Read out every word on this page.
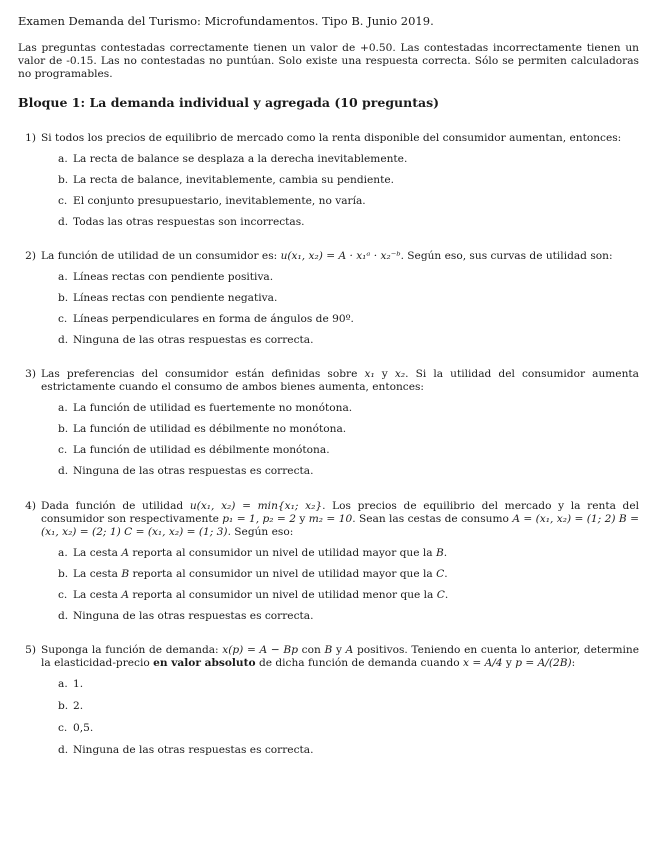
Examen Demanda del Turismo: Microfundamentos. Tipo B. Junio 2019.
Las preguntas contestadas correctamente tienen un valor de +0.50. Las contestadas incorrectamente tienen un valor de -0.15. Las no contestadas no puntúan. Solo existe una respuesta correcta. Sólo se permiten calculadoras no programables.
Bloque 1: La demanda individual y agregada (10 preguntas)
1) Si todos los precios de equilibrio de mercado como la renta disponible del consumidor aumentan, entonces:
a. La recta de balance se desplaza a la derecha inevitablemente.
b. La recta de balance, inevitablemente, cambia su pendiente.
c. El conjunto presupuestario, inevitablemente, no varía.
d. Todas las otras respuestas son incorrectas.
2) La función de utilidad de un consumidor es: u(x₁, x₂) = A · x₁ᵃ · x₂⁻ᵇ. Según eso, sus curvas de utilidad son:
a. Líneas rectas con pendiente positiva.
b. Líneas rectas con pendiente negativa.
c. Líneas perpendiculares en forma de ángulos de 90º.
d. Ninguna de las otras respuestas es correcta.
3) Las preferencias del consumidor están definidas sobre x₁ y x₂. Si la utilidad del consumidor aumenta estrictamente cuando el consumo de ambos bienes aumenta, entonces:
a. La función de utilidad es fuertemente no monótona.
b. La función de utilidad es débilmente no monótona.
c. La función de utilidad es débilmente monótona.
d. Ninguna de las otras respuestas es correcta.
4) Dada función de utilidad u(x₁, x₂) = min{x₁; x₂}. Los precios de equilibrio del mercado y la renta del consumidor son respectivamente p₁ = 1, p₂ = 2 y m₂ = 10. Sean las cestas de consumo A = (x₁, x₂) = (1; 2) B = (x₁, x₂) = (2; 1) C = (x₁, x₂) = (1; 3). Según eso:
a. La cesta A reporta al consumidor un nivel de utilidad mayor que la B.
b. La cesta B reporta al consumidor un nivel de utilidad mayor que la C.
c. La cesta A reporta al consumidor un nivel de utilidad menor que la C.
d. Ninguna de las otras respuestas es correcta.
5) Suponga la función de demanda: x(p) = A − Bp con B y A positivos. Teniendo en cuenta lo anterior, determine la elasticidad-precio en valor absoluto de dicha función de demanda cuando x = A/4 y p = A/(2B):
a. 1.
b. 2.
c. 0,5.
d. Ninguna de las otras respuestas es correcta.
